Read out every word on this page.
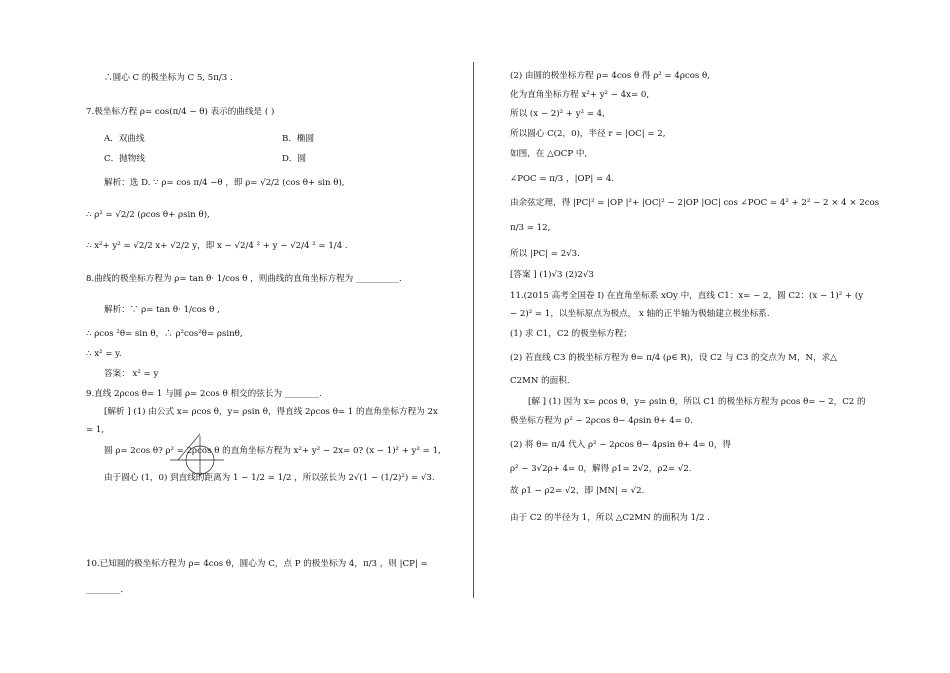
∴圆心 C 的极坐标为 C 5, 5π/3 .
7.极坐标方程 ρ= cos(π/4 − θ) 表示的曲线是 ( )
A．双曲线	B．椭圆
C．抛物线	D．圆
解析：选 D. ∵ ρ= cos π/4 −θ ，即 ρ= √2/2 (cos θ+ sin θ),
∴ ρ² = √2/2 (ρcos θ+ ρsin θ),
∴ x²+ y² = √2/2 x+ √2/2 y，即 x − √2/4 ² + y − √2/4 ² = 1/4 .
8.曲线的极坐标方程为 ρ= tan θ· 1/cos θ ，则曲线的直角坐标方程为 __________.
解析：∵ ρ= tan θ· 1/cos θ ,
∴ ρcos ²θ= sin θ，∴ ρ²cos²θ= ρsinθ,
∴ x² = y.
答案： x² = y
9.直线 2ρcos θ= 1 与圆 ρ= 2cos θ 相交的弦长为 ________.
[解析 ] (1) 由公式 x= ρcos θ，y= ρsin θ，得直线 2ρcos θ= 1 的直角坐标方程为 2x
= 1,
圆 ρ= 2cos θ? ρ² = 2ρcos θ 的直角坐标方程为 x²+ y² − 2x= 0? (x − 1)² + y² = 1,
由于圆心 (1，0) 到直线的距离为 1 − 1/2 = 1/2 ，所以弦长为 2√(1 − (1/2)²) = √3.
10.已知圆的极坐标方程为 ρ= 4cos θ，圆心为 C，点 P 的极坐标为 4，π/3 ，则 |CP| =
________.
(2) 由圆的极坐标方程 ρ= 4cos θ 得 ρ² = 4ρcos θ,
化为直角坐标方程 x²+ y² − 4x= 0,
所以 (x − 2)² + y² = 4,
所以圆心 C(2，0)，半径 r = |OC| = 2,
如图，在 △OCP 中,
∠POC = π/3 ，|OP| = 4.
由余弦定理，得 |PC|² = |OP |²+ |OC|² − 2|OP |OC| cos ∠POC = 4² + 2² − 2 × 4 × 2cos
π/3 = 12,
所以 |PC| = 2√3.
[答案 ] (1)√3 (2)2√3
11.(2015 高考全国卷 Ⅰ) 在直角坐标系 xOy 中，直线 C1：x= − 2，圆 C2：(x − 1)² + (y
− 2)² = 1，以坐标原点为极点， x 轴的正半轴为极轴建立极坐标系.
(1) 求 C1，C2 的极坐标方程；
(2) 若直线 C3 的极坐标方程为 θ= π/4 (ρ∈ R)，设 C2 与 C3 的交点为 M，N，求△
C2MN 的面积.
[解 ] (1) 因为 x= ρcos θ，y= ρsin θ，所以 C1 的极坐标方程为 ρcos θ= − 2，C2 的
极坐标方程为 ρ² − 2ρcos θ− 4ρsin θ+ 4= 0.
(2) 将 θ= π/4 代入 ρ² − 2ρcos θ− 4ρsin θ+ 4= 0，得
ρ² − 3√2ρ+ 4= 0，解得 ρ1= 2√2，ρ2= √2.
故 ρ1 − ρ2= √2，即 |MN| = √2.
由于 C2 的半径为 1，所以 △C2MN 的面积为 1/2 .
